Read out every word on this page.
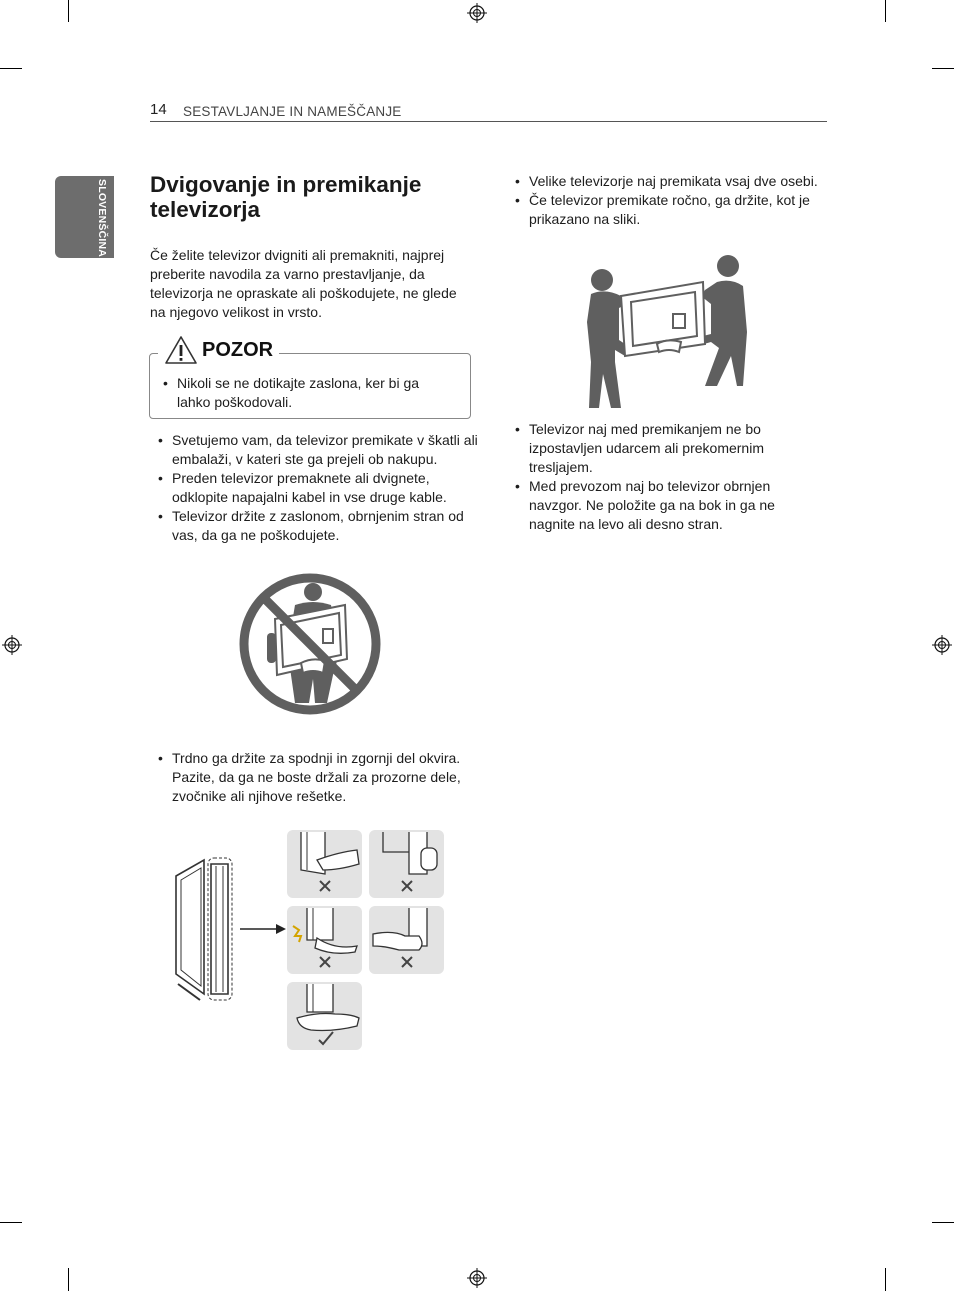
14 SESTAVLJANJE IN NAMEŠČANJE
SLOVENŠČINA Dvigovanje in premikanje televizorja
Če želite televizor dvigniti ali premakniti, najprej preberite navodila za varno prestavljanje, da televizorja ne opraskate ali poškodujete, ne glede na njegovo velikost in vrsto.
POZOR
• Nikoli se ne dotikajte zaslona, ker bi ga lahko poškodovali.
• Svetujemo vam, da televizor premikate v škatli ali embalaži, v kateri ste ga prejeli ob nakupu.
• Preden televizor premaknete ali dvignete, odklopite napajalni kabel in vse druge kable.
• Televizor držite z zaslonom, obrnjenim stran od vas, da ga ne poškodujete.
• Trdno ga držite za spodnji in zgornji del okvira. Pazite, da ga ne boste držali za prozorne dele, zvočnike ali njihove rešetke.
• Velike televizorje naj premikata vsaj dve osebi.
• Če televizor premikate ročno, ga držite, kot je prikazano na sliki.
• Televizor naj med premikanjem ne bo izpostavljen udarcem ali prekomernim tresljajem.
• Med prevozom naj bo televizor obrnjen navzgor. Ne položite ga na bok in ga ne nagnite na levo ali desno stran.
